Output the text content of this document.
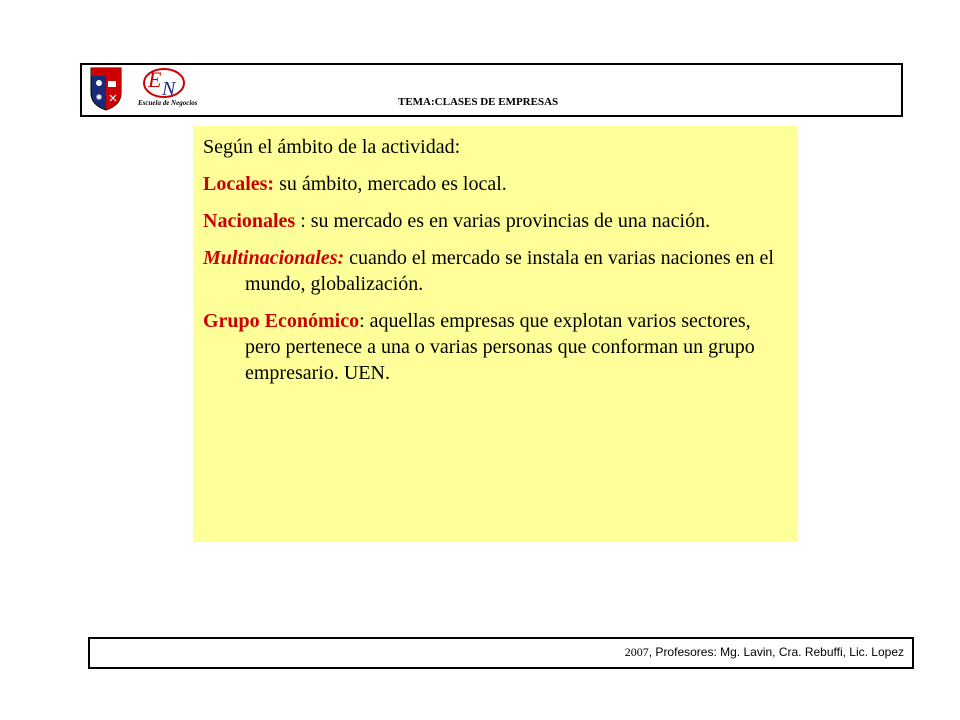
E N
Escuela de Negocios	TEMA:CLASES DE EMPRESAS

Según el ámbito de la actividad:

Locales: su ámbito, mercado es local.

Nacionales : su mercado es en varias provincias de una nación.

Multinacionales: cuando el mercado se instala en varias naciones en el mundo, globalización.

Grupo Económico: aquellas empresas que explotan varios sectores, pero pertenece a una o varias personas que conforman un grupo empresario. UEN.

2007, Profesores: Mg. Lavin, Cra. Rebuffi, Lic. Lopez
